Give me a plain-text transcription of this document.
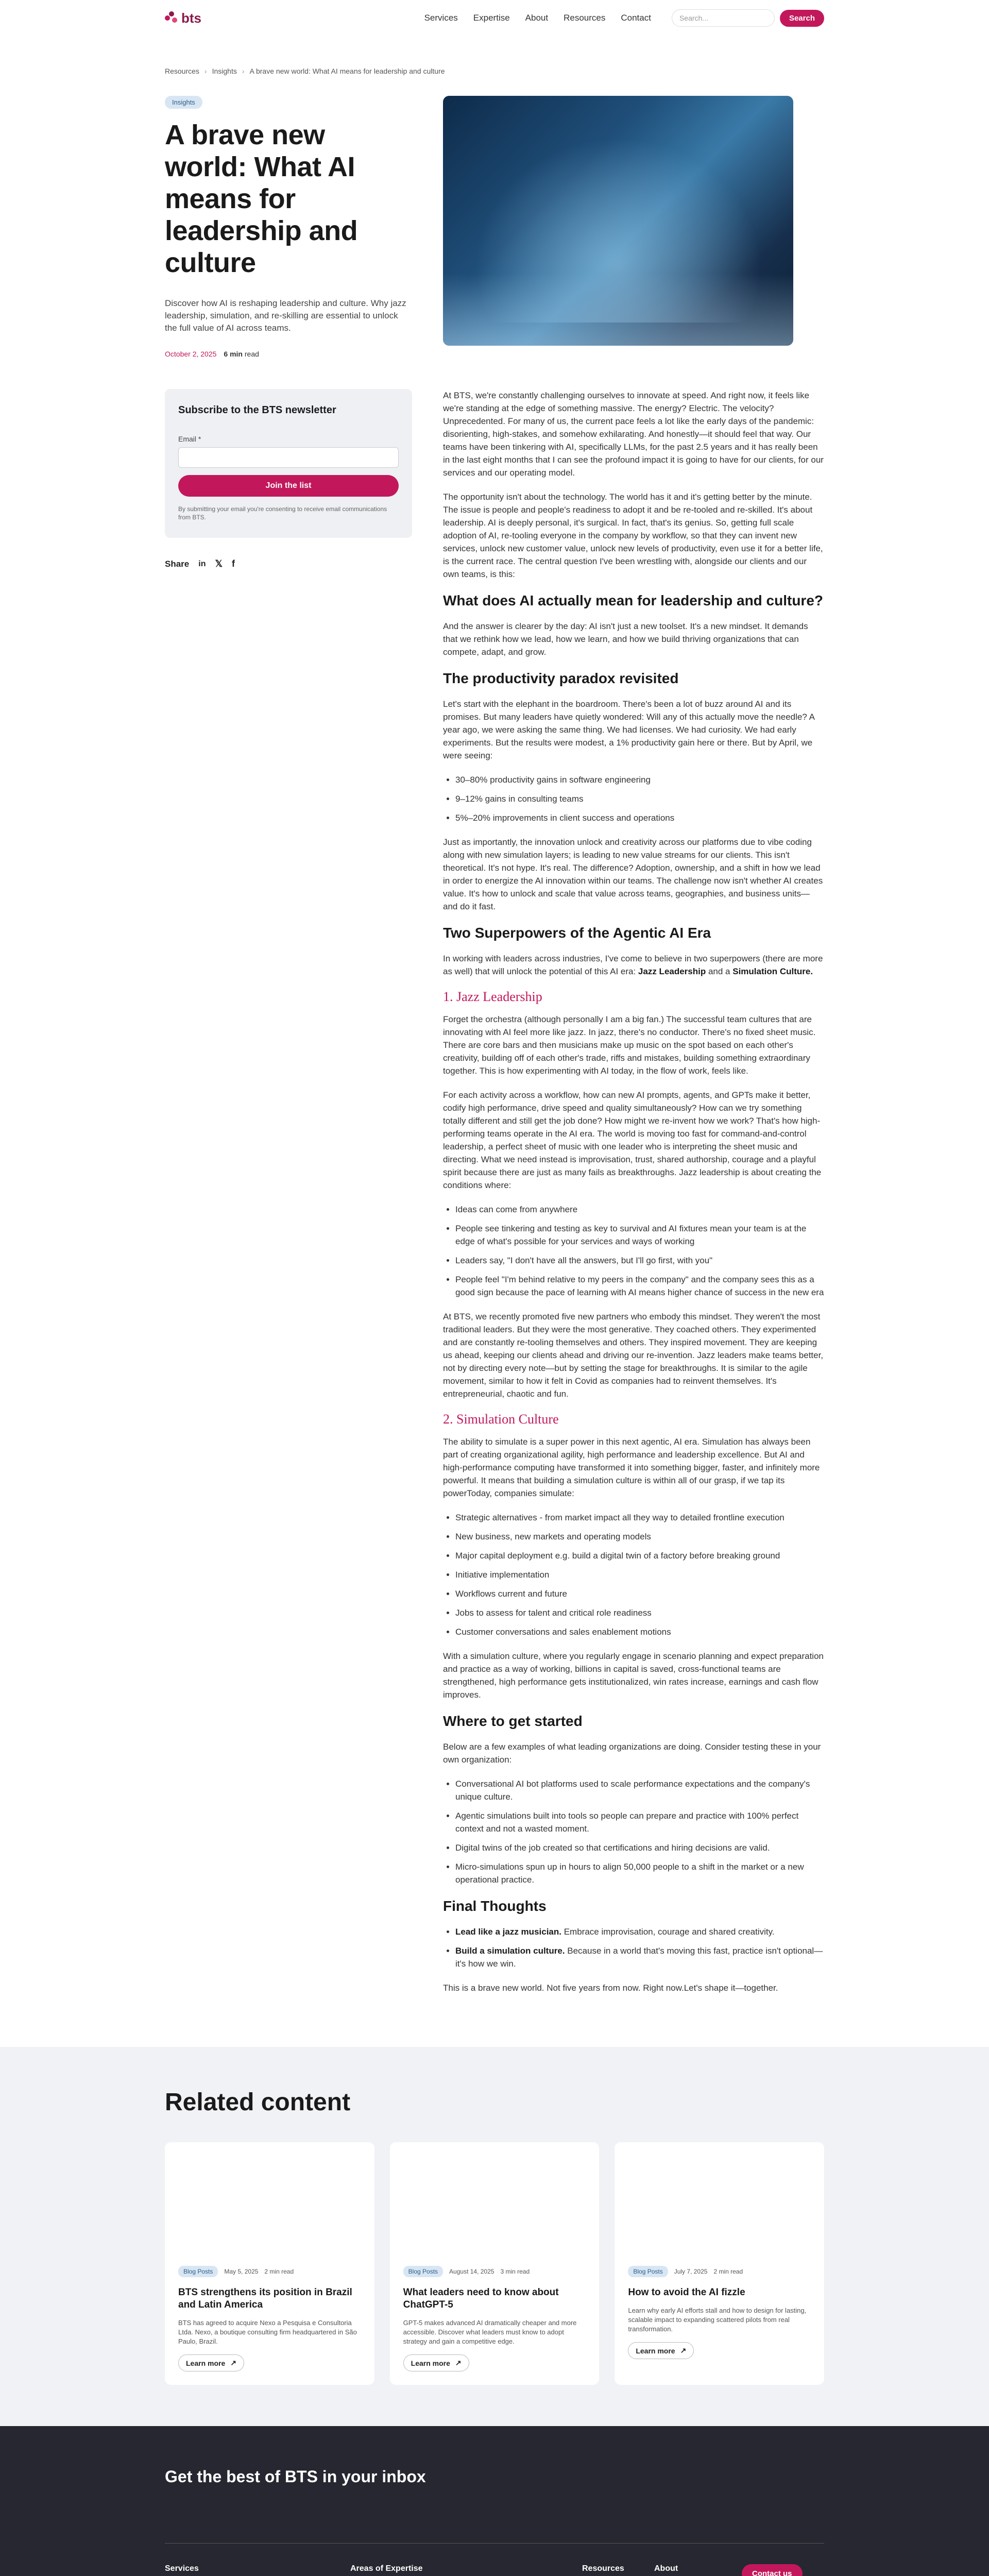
bts	Services Expertise About Resources Contact	Search...	Search
Resources › Insights › A brave new world: What AI means for leadership and culture
Insights
A brave new world: What AI means for leadership and culture

Discover how AI is reshaping leadership and culture. Why jazz leadership, simulation, and re-skilling are essential to unlock the full value of AI across teams.

October 2, 2025 6 min read
Subscribe to the BTS newsletter
Email *
Join the list
By submitting your email you're consenting to receive email communications from BTS.
Share in 𝕏 f

At BTS, we're constantly challenging ourselves to innovate at speed. And right now, it feels like we're standing at the edge of something massive. The energy? Electric. The velocity? Unprecedented. For many of us, the current pace feels a lot like the early days of the pandemic: disorienting, high-stakes, and somehow exhilarating. And honestly—it should feel that way. Our teams have been tinkering with AI, specifically LLMs, for the past 2.5 years and it has really been in the last eight months that I can see the profound impact it is going to have for our clients, for our services and our operating model.

The opportunity isn't about the technology. The world has it and it's getting better by the minute. The issue is people and people's readiness to adopt it and be re-tooled and re-skilled. It's about leadership. AI is deeply personal, it's surgical. In fact, that's its genius. So, getting full scale adoption of AI, re-tooling everyone in the company by workflow, so that they can invent new services, unlock new customer value, unlock new levels of productivity, even use it for a better life, is the current race. The central question I've been wrestling with, alongside our clients and our own teams, is this:

What does AI actually mean for leadership and culture?

And the answer is clearer by the day: AI isn't just a new toolset. It's a new mindset. It demands that we rethink how we lead, how we learn, and how we build thriving organizations that can compete, adapt, and grow.

The productivity paradox revisited

Let's start with the elephant in the boardroom. There's been a lot of buzz around AI and its promises. But many leaders have quietly wondered: Will any of this actually move the needle? A year ago, we were asking the same thing. We had licenses. We had curiosity. We had early experiments. But the results were modest, a 1% productivity gain here or there. But by April, we were seeing:

• 30–80% productivity gains in software engineering
• 9–12% gains in consulting teams
• 5%–20% improvements in client success and operations

Just as importantly, the innovation unlock and creativity across our platforms due to vibe coding along with new simulation layers; is leading to new value streams for our clients. This isn't theoretical. It's not hype. It's real. The difference? Adoption, ownership, and a shift in how we lead in order to energize the AI innovation within our teams. The challenge now isn't whether AI creates value. It's how to unlock and scale that value across teams, geographies, and business units—and do it fast.

Two Superpowers of the Agentic AI Era

In working with leaders across industries, I've come to believe in two superpowers (there are more as well) that will unlock the potential of this AI era: Jazz Leadership and a Simulation Culture.

1. Jazz Leadership

Forget the orchestra (although personally I am a big fan.) The successful team cultures that are innovating with AI feel more like jazz. In jazz, there's no conductor. There's no fixed sheet music. There are core bars and then musicians make up music on the spot based on each other's creativity, building off of each other's trade, riffs and mistakes, building something extraordinary together. This is how experimenting with AI today, in the flow of work, feels like.

For each activity across a workflow, how can new AI prompts, agents, and GPTs make it better, codify high performance, drive speed and quality simultaneously? How can we try something totally different and still get the job done? How might we re-invent how we work? That's how high-performing teams operate in the AI era. The world is moving too fast for command-and-control leadership, a perfect sheet of music with one leader who is interpreting the sheet music and directing. What we need instead is improvisation, trust, shared authorship, courage and a playful spirit because there are just as many fails as breakthroughs. Jazz leadership is about creating the conditions where:

• Ideas can come from anywhere
• People see tinkering and testing as key to survival and AI fixtures mean your team is at the edge of what's possible for your services and ways of working
• Leaders say, "I don't have all the answers, but I'll go first, with you"
• People feel "I'm behind relative to my peers in the company" and the company sees this as a good sign because the pace of learning with AI means higher chance of success in the new era

At BTS, we recently promoted five new partners who embody this mindset. They weren't the most traditional leaders. But they were the most generative. They coached others. They experimented and are constantly re-tooling themselves and others. They inspired movement. They are keeping us ahead, keeping our clients ahead and driving our re-invention. Jazz leaders make teams better, not by directing every note—but by setting the stage for breakthroughs. It is similar to the agile movement, similar to how it felt in Covid as companies had to reinvent themselves. It's entrepreneurial, chaotic and fun.

2. Simulation Culture

The ability to simulate is a super power in this next agentic, AI era. Simulation has always been part of creating organizational agility, high performance and leadership excellence. But AI and high-performance computing have transformed it into something bigger, faster, and infinitely more powerful. It means that building a simulation culture is within all of our grasp, if we tap its powerToday, companies simulate:

• Strategic alternatives - from market impact all they way to detailed frontline execution
• New business, new markets and operating models
• Major capital deployment e.g. build a digital twin of a factory before breaking ground
• Initiative implementation
• Workflows current and future
• Jobs to assess for talent and critical role readiness
• Customer conversations and sales enablement motions

With a simulation culture, where you regularly engage in scenario planning and expect preparation and practice as a way of working, billions in capital is saved, cross-functional teams are strengthened, high performance gets institutionalized, win rates increase, earnings and cash flow improves.

Where to get started

Below are a few examples of what leading organizations are doing. Consider testing these in your own organization:

• Conversational AI bot platforms used to scale performance expectations and the company's unique culture.
• Agentic simulations built into tools so people can prepare and practice with 100% perfect context and not a wasted moment.
• Digital twins of the job created so that certifications and hiring decisions are valid.
• Micro-simulations spun up in hours to align 50,000 people to a shift in the market or a new operational practice.
Final Thoughts
• Lead like a jazz musician. Embrace improvisation, courage and shared creativity.
• Build a simulation culture. Because in a world that's moving this fast, practice isn't optional—it's how we win.

This is a brave new world. Not five years from now. Right now.Let's shape it—together.

Related content
Blog Posts	May 5, 2025 2 min read
BTS strengthens its position in Brazil and Latin America
BTS has agreed to acquire Nexo a Pesquisa e Consultoria Ltda. Nexo, a boutique consulting firm headquartered in São Paulo, Brazil.
Learn more ↗
Blog Posts	August 14, 2025 3 min read
What leaders need to know about ChatGPT-5
GPT-5 makes advanced AI dramatically cheaper and more accessible. Discover what leaders must know to adopt strategy and gain a competitive edge.
Learn more ↗
Blog Posts	July 7, 2025 2 min read
How to avoid the AI fizzle
Learn why early AI efforts stall and how to design for lasting, scalable impact to expanding scattered pilots from real transformation.
Learn more ↗
Get the best of BTS in your inbox
Services	Areas of Expertise	Resources	About
Contact us
